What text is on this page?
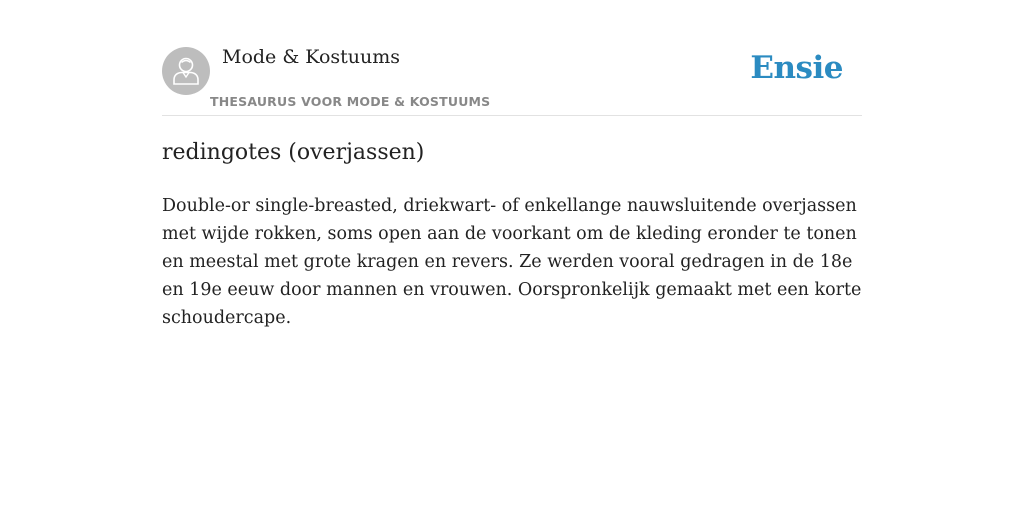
Mode & Kostuums
THESAURUS VOOR MODE & KOSTUUMS
Ensie
redingotes (overjassen)

Double-or single-breasted, driekwart- of enkellange nauwsluitende overjassen met wijde rokken, soms open aan de voorkant om de kleding eronder te tonen en meestal met grote kragen en revers. Ze werden vooral gedragen in de 18e en 19e eeuw door mannen en vrouwen. Oorspronkelijk gemaakt met een korte schoudercape.
